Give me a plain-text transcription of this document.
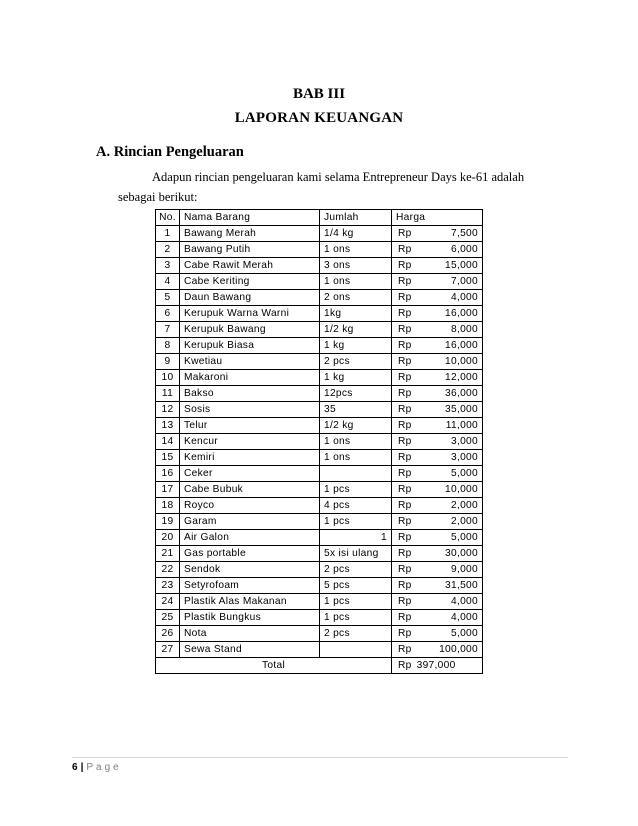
BAB III
LAPORAN KEUANGAN
A. Rincian Pengeluaran
Adapun rincian pengeluaran kami selama Entrepreneur Days ke-61 adalah
sebagai berikut:
No.	Nama Barang	Jumlah	Harga
1	Bawang Merah	1/4 kg	Rp 7,500

2	Bawang Putih	1 ons	Rp 6,000

3	Cabe Rawit Merah	3 ons	Rp 15,000

4	Cabe Keriting	1 ons	Rp 7,000

5	Daun Bawang	2 ons	Rp 4,000

6	Kerupuk Warna Warni	1kg	Rp 16,000

7	Kerupuk Bawang	1/2 kg	Rp 8,000

8	Kerupuk Biasa	1 kg	Rp 16,000

9	Kwetiau	2 pcs	Rp 10,000

10	Makaroni	1 kg	Rp 12,000

11	Bakso	12pcs	Rp 36,000

12	Sosis	35	Rp 35,000

13	Telur	1/2 kg	Rp 11,000

14	Kencur	1 ons	Rp 3,000

15	Kemiri	1 ons	Rp 3,000

16	Ceker		Rp 5,000

17	Cabe Bubuk	1 pcs	Rp 10,000

18	Royco	4 pcs	Rp 2,000

19	Garam	1 pcs	Rp 2,000

20	Air Galon	1	Rp 5,000

21	Gas portable	5x isi ulang	Rp 30,000

22	Sendok	2 pcs	Rp 9,000

23	Setyrofoam	5 pcs	Rp 31,500

24	Plastik Alas Makanan	1 pcs	Rp 4,000

25	Plastik Bungkus	1 pcs	Rp 4,000

26	Nota	2 pcs	Rp 5,000

27	Sewa Stand		Rp 100,000

Total			Rp 397,000
6 | Page
